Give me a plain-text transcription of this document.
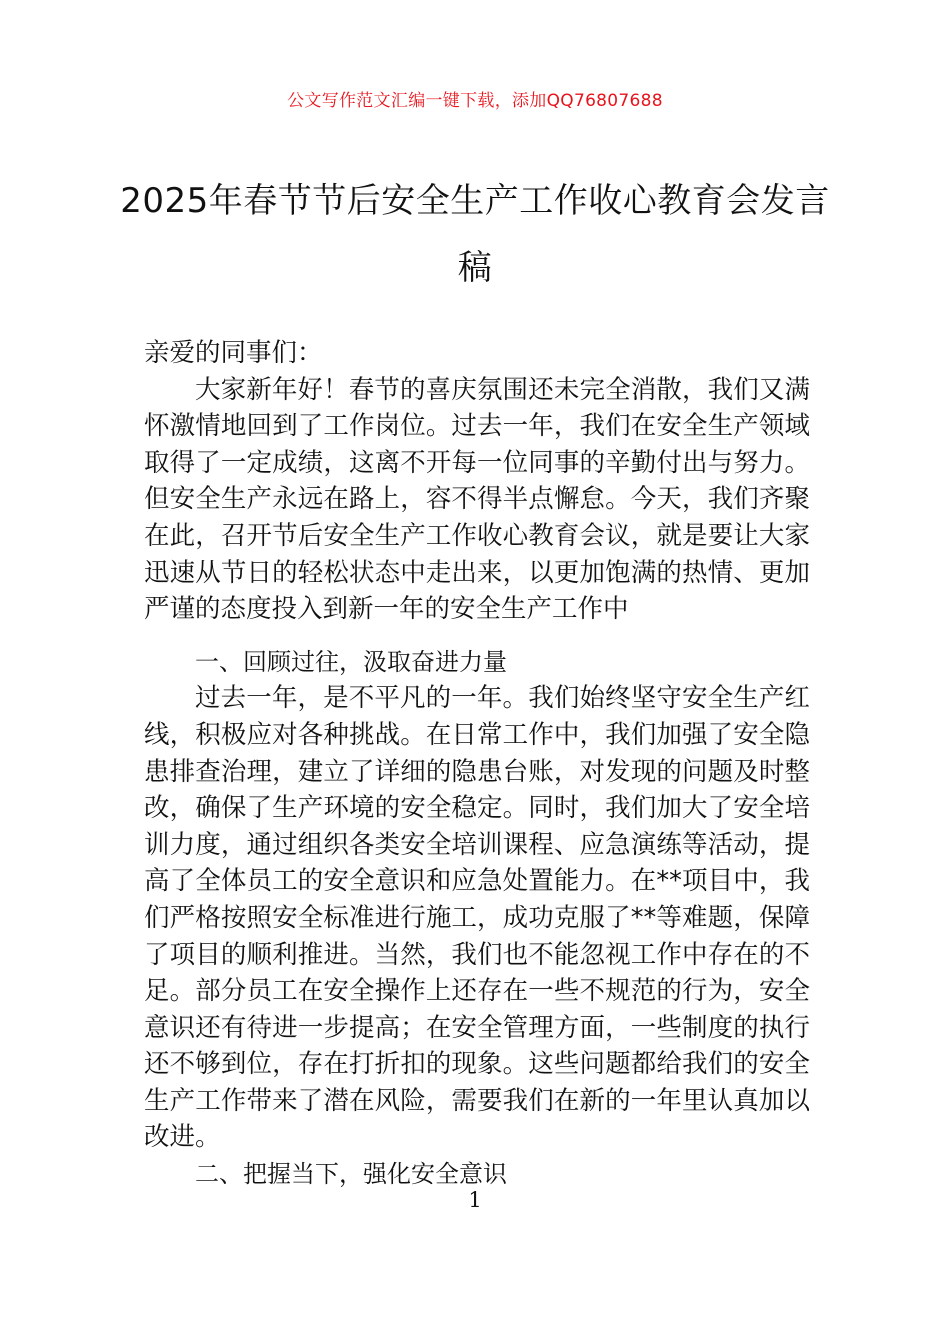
公文写作范文汇编一键下载，添加QQ76807688
2025年春节节后安全生产工作收心教育会发言稿

亲爱的同事们：

大家新年好！春节的喜庆氛围还未完全消散，我们又满怀激情地回到了工作岗位。过去一年，我们在安全生产领域取得了一定成绩，这离不开每一位同事的辛勤付出与努力。但安全生产永远在路上，容不得半点懈怠。今天，我们齐聚在此，召开节后安全生产工作收心教育会议，就是要让大家迅速从节日的轻松状态中走出来，以更加饱满的热情、更加严谨的态度投入到新一年的安全生产工作中

一、回顾过往，汲取奋进力量

过去一年，是不平凡的一年。我们始终坚守安全生产红线，积极应对各种挑战。在日常工作中，我们加强了安全隐患排查治理，建立了详细的隐患台账，对发现的问题及时整改，确保了生产环境的安全稳定。同时，我们加大了安全培训力度，通过组织各类安全培训课程、应急演练等活动，提高了全体员工的安全意识和应急处置能力。在**项目中，我们严格按照安全标准进行施工，成功克服了**等难题，保障了项目的顺利推进。当然，我们也不能忽视工作中存在的不足。部分员工在安全操作上还存在一些不规范的行为，安全意识还有待进一步提高；在安全管理方面，一些制度的执行还不够到位，存在打折扣的现象。这些问题都给我们的安全生产工作带来了潜在风险，需要我们在新的一年里认真加以改进。

二、把握当下，强化安全意识

1
